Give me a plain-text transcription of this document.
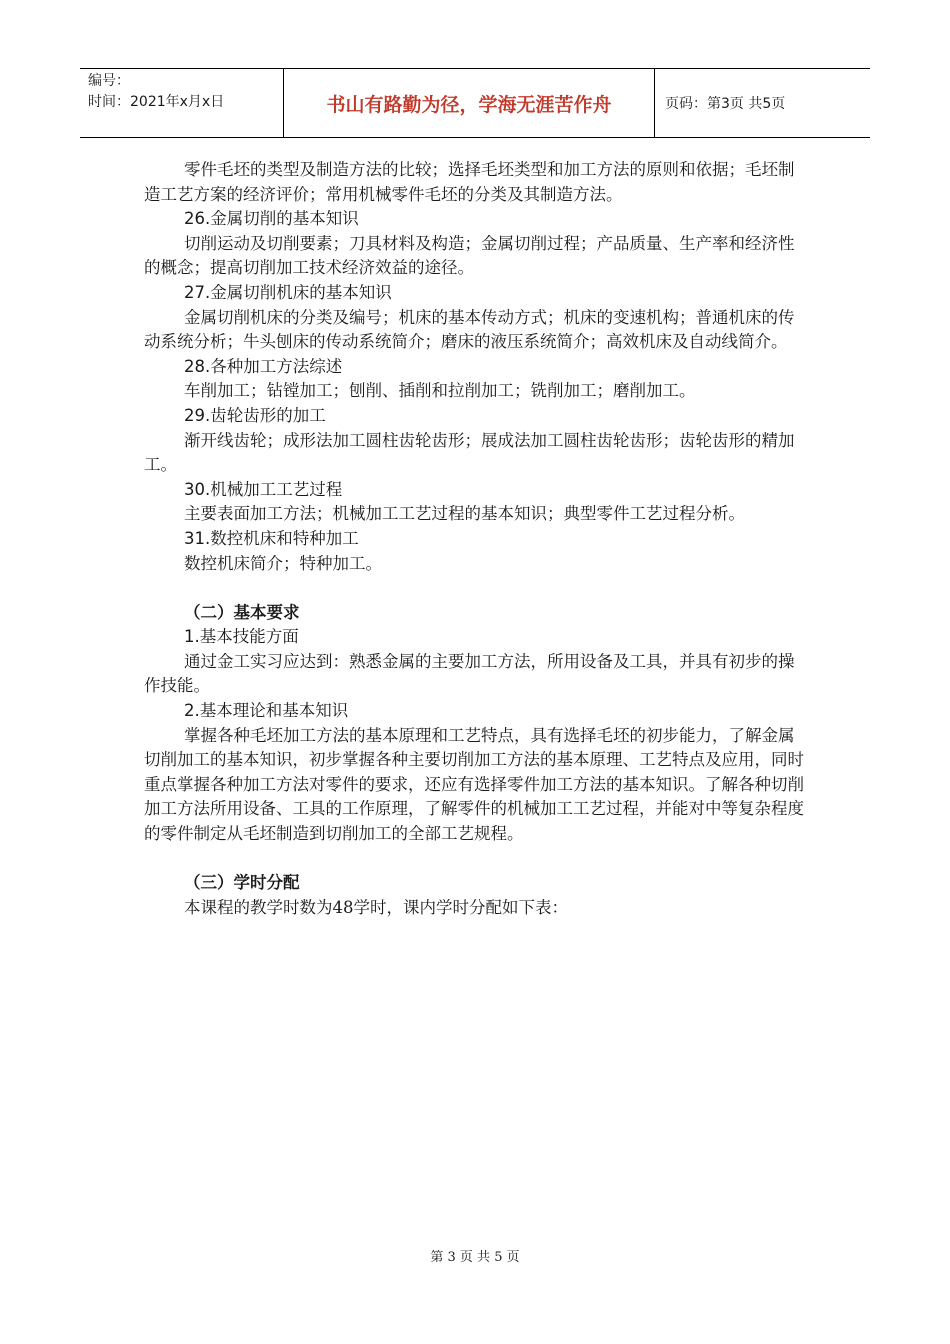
编号：
时间：2021年x月x日	书山有路勤为径，学海无涯苦作舟	页码：第3页 共5页

零件毛坯的类型及制造方法的比较；选择毛坯类型和加工方法的原则和依据；毛坯制造工艺方案的经济评价；常用机械零件毛坯的分类及其制造方法。

26.金属切削的基本知识

切削运动及切削要素；刀具材料及构造；金属切削过程；产品质量、生产率和经济性的概念；提高切削加工技术经济效益的途径。

27.金属切削机床的基本知识

金属切削机床的分类及编号；机床的基本传动方式；机床的变速机构；普通机床的传动系统分析；牛头刨床的传动系统简介；磨床的液压系统简介；高效机床及自动线简介。

28.各种加工方法综述

车削加工；钻镗加工；刨削、插削和拉削加工；铣削加工；磨削加工。

29.齿轮齿形的加工

渐开线齿轮；成形法加工圆柱齿轮齿形；展成法加工圆柱齿轮齿形；齿轮齿形的精加工。

30.机械加工工艺过程

主要表面加工方法；机械加工工艺过程的基本知识；典型零件工艺过程分析。

31.数控机床和特种加工

数控机床简介；特种加工。

（二）基本要求

1.基本技能方面

通过金工实习应达到：熟悉金属的主要加工方法，所用设备及工具，并具有初步的操作技能。

2.基本理论和基本知识

掌握各种毛坯加工方法的基本原理和工艺特点，具有选择毛坯的初步能力，了解金属切削加工的基本知识，初步掌握各种主要切削加工方法的基本原理、工艺特点及应用，同时重点掌握各种加工方法对零件的要求，还应有选择零件加工方法的基本知识。了解各种切削加工方法所用设备、工具的工作原理，了解零件的机械加工工艺过程，并能对中等复杂程度的零件制定从毛坯制造到切削加工的全部工艺规程。

（三）学时分配

本课程的教学时数为48学时，课内学时分配如下表：

第 3 页 共 5 页
